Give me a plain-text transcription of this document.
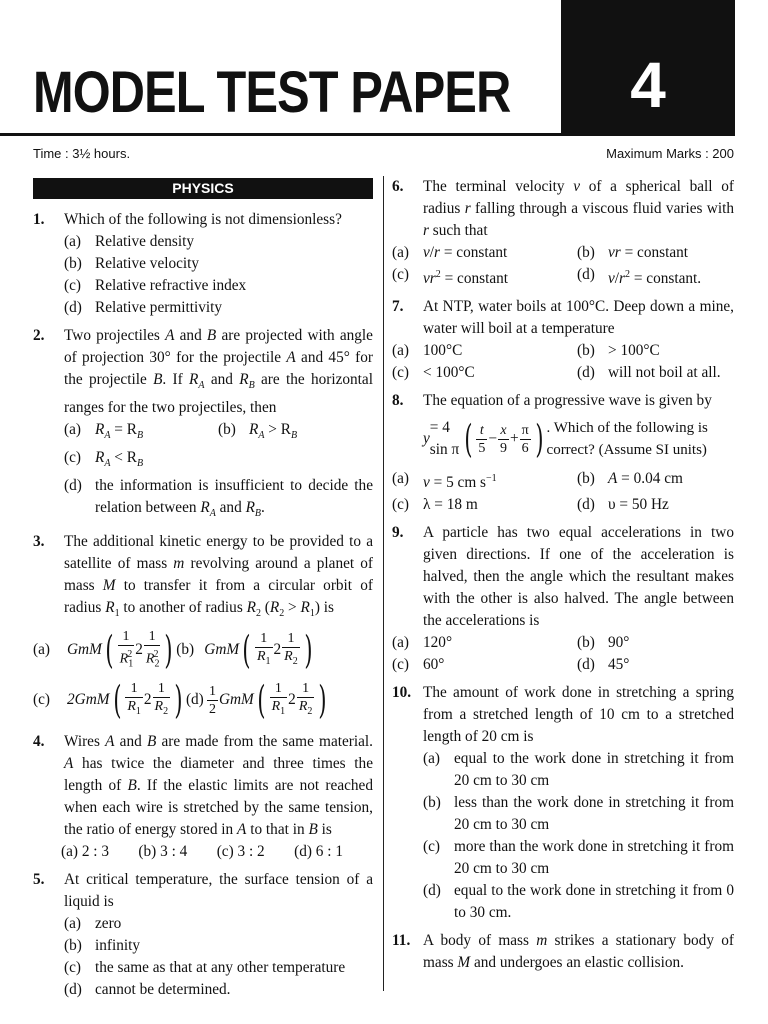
MODEL TEST PAPER	4
Time : 3½ hours.	Maximum Marks : 200
PHYSICS
1. Which of the following is not dimensionless?
(a) Relative density
(b) Relative velocity
(c) Relative refractive index
(d) Relative permittivity
2. Two projectiles A and B are projected with angle of projection 30° for the projectile A and 45° for the projectile B. If $R_A$ and $R_B$ are the horizontal ranges for the two projectiles, then
(a) $R_A = R_B$	(b) $R_A > R_B$
(c) $R_A < R_B$
(d) the information is insufficient to decide the relation between $R_A$ and $R_B$.
3. The additional kinetic energy to be provided to a satellite of mass m revolving around a planet of mass M to transfer it from a circular orbit of radius $R_1$ to another of radius $R_2$ $(R_2 > R_1)$ is
(a)	GmM ( $\frac{1}{R_1^2} 2 \frac{1}{R_2^2}$ ) (b) GmM ( $\frac{1}{R_1} 2 \frac{1}{R_2}$ )
(c)	2GmM ( $\frac{1}{R_1} 2 \frac{1}{R_2}$ ) $(d) \frac{1}{2}$ GmM ( $\frac{1}{R_1} 2 \frac{1}{R_2}$ )
4. Wires A and B are made from the same material. A has twice the diameter and three times the length of B. If the elastic limits are not reached when each wire is stretched by the same tension, the ratio of energy stored in A to that in B is
(a) 2 : 3 (b) 3 : 4 (c) 3 : 2 (d) 6 : 1
5. At critical temperature, the surface tension of a liquid is
(a) zero
(b) infinity
(c) the same as that at any other temperature
(d) cannot be determined.
6. The terminal velocity v of a spherical ball of radius r falling through a viscous fluid varies with r such that
(a) v/r = constant	(b) vr = constant
(c) $vr^2$ = constant	(d) $v/r^2$ = constant.
7. At NTP, water boils at 100°C. Deep down a mine, water will boil at a temperature
(a) 100°C	(b) > 100°C
(c) < 100°C	(d) will not boil at all.
8. The equation of a progressive wave is given by
y
= 4 sin π ( $\frac{t}{5} - \frac{x}{9} + \frac{\pi}{6}$ ) . Which of the following is correct? (Assume SI units)
(a) v = 5 cm $s^{-1}$	(b) A = 0.04 cm
(c) λ = 18 m	(d) υ = 50 Hz
9. A particle has two equal accelerations in two given directions. If one of the acceleration is halved, then the angle which the resultant makes with the other is also halved. The angle between the accelerations is
(a) 120°	(b) 90°
(c) 60°	(d) 45°
10. The amount of work done in stretching a spring from a stretched length of 10 cm to a stretched length of 20 cm is
(a) equal to the work done in stretching it from 20 cm to 30 cm
(b) less than the work done in stretching it from 20 cm to 30 cm
(c) more than the work done in stretching it from 20 cm to 30 cm
(d) equal to the work done in stretching it from 0 to 30 cm.
11. A body of mass m strikes a stationary body of mass M and undergoes an elastic collision.
